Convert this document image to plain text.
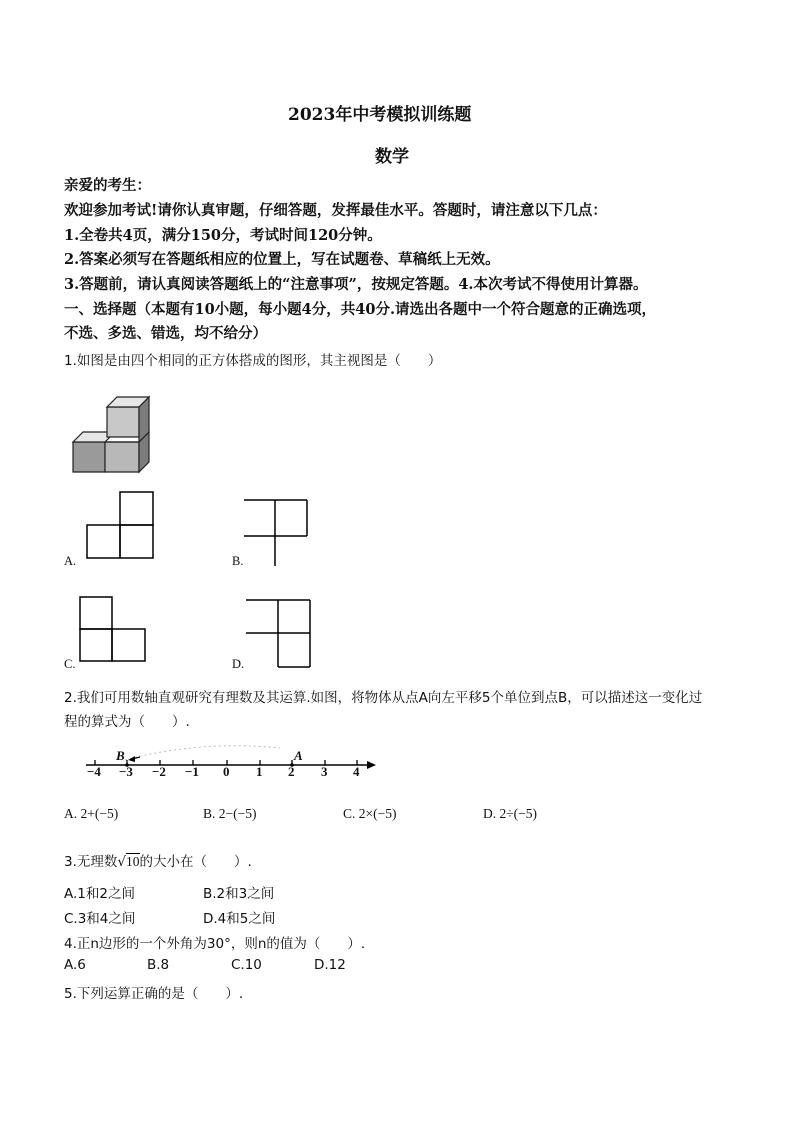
2023年中考模拟训练题
数学
亲爱的考生：
欢迎参加考试!请你认真审题，仔细答题，发挥最佳水平。答题时，请注意以下几点：
1.全卷共4页，满分150分，考试时间120分钟。
2.答案必须写在答题纸相应的位置上，写在试题卷、草稿纸上无效。
3.答题前，请认真阅读答题纸上的“注意事项”，按规定答题。4.本次考试不得使用计算器。
一、选择题（本题有10小题，每小题4分，共40分.请选出各题中一个符合题意的正确选项，
不选、多选、错选，均不给分）
1.如图是由四个相同的正方体搭成的图形，其主视图是（　　）
A.	B.
C.	D.
2.我们可用数轴直观研究有理数及其运算.如图，将物体从点A向左平移5个单位到点B，可以描述这一变化过
程的算式为（　　）.
B	A
−4 −3 −2 −1 0 1 2 3 4
A. 2+(−5)	B. 2−(−5)	C. 2×(−5)	D. 2÷(−5)
3.无理数√10的大小在（　　）.
A.1和2之间	B.2和3之间
C.3和4之间	D.4和5之间
4.正n边形的一个外角为30°，则n的值为（　　）.
A.6	B.8	C.10	D.12
5.下列运算正确的是（　　）.
